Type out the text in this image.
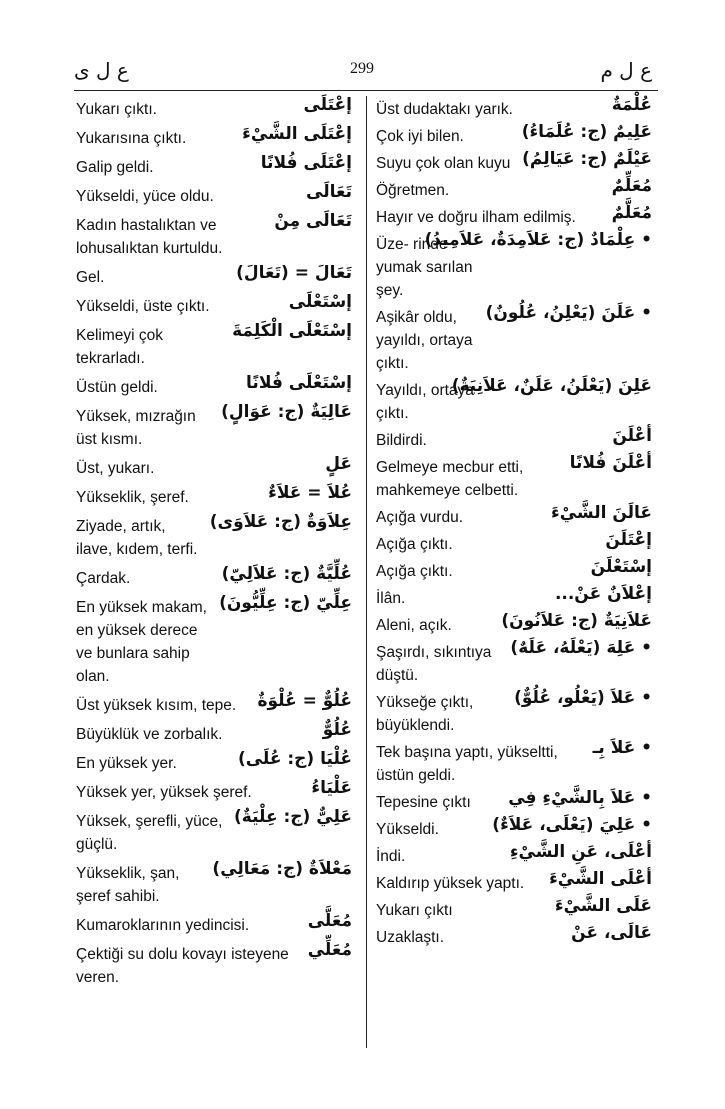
ع ل ی	299	ع ل م
إعْتَلَى
Yukarı çıktı.
إعْتَلَى الشَّيْءَ
Yukarısına çıktı.
إعْتَلَى فُلانًا
Galip geldi.
تَعَالَى
Yükseldi, yüce oldu.
تَعَالَى مِنْ
Kadın hastalıktan ve lohusalıktan kurtuldu.
تَعَالَ = (تَعَالَ)
Gel.
إسْتَعْلَى
Yükseldi, üste çıktı.
إسْتَعْلَى الْكَلِمَةَ
Kelimeyi çok tekrarladı.
إسْتَعْلَى فُلانًا
Üstün geldi.
عَالِيَةٌ (ج: عَوَالٍ)
Yüksek, mızrağın üst kısmı.
عَلٍ
Üst, yukarı.
عُلاَ = عَلاَءٌ
Yükseklik, şeref.
عِلاَوَةٌ (ج: عَلاَوَى)
Ziyade, artık, ilave, kıdem, terfi.
عُلِّيَّةٌ (ج: عَلاَلِيّ)
Çardak.
عِلِّيّ (ج: عِلِّيُّونَ)
En yüksek makam, en yüksek derece ve bunlara sahip olan.
عُلُوٌّ = عُلْوَةٌ
Üst yüksek kısım, tepe.
عُلُوٌّ
Büyüklük ve zorbalık.
عُلْيَا (ج: عُلَى)
En yüksek yer.
عَلْيَاءُ
Yüksek yer, yüksek şeref.
عَلِيٌّ (ج: عِلْيَةٌ)
Yüksek, şerefli, yüce, güçlü.
مَعْلاَةٌ (ج: مَعَالِي)
Yükseklik, şan, şeref sahibi.
مُعَلَّى
Kumaroklarının yedincisi.
مُعَلِّي
Çektiği su dolu kovayı isteyene veren.
عُلْمَةٌ
Üst dudaktakı yarık.
عَلِيمٌ (ج: عُلَمَاءُ)
Çok iyi bilen.
عَيْلَمٌ (ج: عَيَالِمُ)
Suyu çok olan kuyu
مُعَلِّمٌ
Öğretmen.
مُعَلَّمٌ
Hayır ve doğru ilham edilmiş.
• عِلْمَادٌ (ج: عَلاَمِدَةٌ، عَلاَمِيدُ)
Üze- rinde yumak sarılan şey.
• عَلَنَ (يَعْلِنُ، عُلُونٌ)
Aşikâr oldu, yayıldı, ortaya çıktı.
عَلِنَ (يَعْلَنُ، عَلَنٌ، عَلاَنِيَةٌ)
Yayıldı, ortaya çıktı.
أعْلَنَ
Bildirdi.
أعْلَنَ فُلانًا
Gelmeye mecbur etti, mahkemeye celbetti.
عَالَنَ الشَّيْءَ
Açığa vurdu.
إعْتَلَنَ
Açığa çıktı.
إسْتَعْلَنَ
Açığa çıktı.
إعْلاَنٌ عَنْ...
İlân.
عَلاَنِيَةٌ (ج: عَلاَنُونَ)
Aleni, açık.
• عَلِهَ (يَعْلَهُ، عَلَهٌ)
Şaşırdı, sıkıntıya düştü.
• عَلاَ (يَعْلُو، عُلُوٌّ)
Yükseğe çıktı, büyüklendi.
• عَلاَ بِـ
Tek başına yaptı, yükseltti, üstün geldi.
• عَلاَ بِالشَّيْءِ فِي
Tepesine çıktı
• عَلِيَ (يَعْلَى، عَلاَءٌ)
Yükseldi.
أعْلَى، عَنِ الشَّيْءِ
İndi.
أعْلَى الشَّيْءَ
Kaldırıp yüksek yaptı.
عَلَى الشَّيْءَ
Yukarı çıktı
عَالَى، عَنْ
Uzaklaştı.
